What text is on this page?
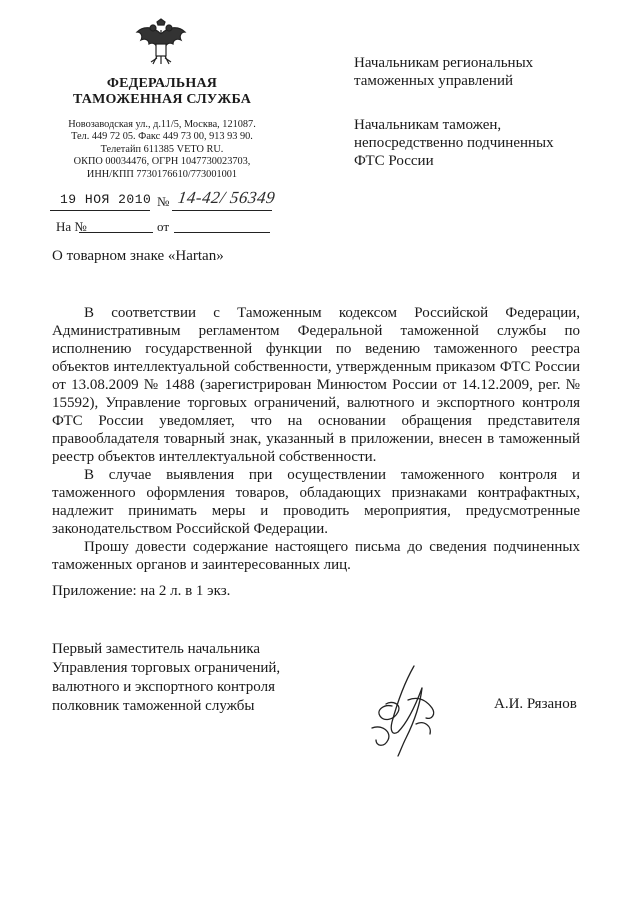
ФЕДЕРАЛЬНАЯ
ТАМОЖЕННАЯ СЛУЖБА
Новозаводская ул., д.11/5, Москва, 121087.
Тел. 449 72 05. Факс 449 73 00, 913 93 90.
Телетайп 611385 VETO RU.
ОКПО 00034476, ОГРН 1047730023703,
ИНН/КПП 7730176610/773001001
19 НОЯ 2010 № 14-42/ 56349
На №	от
О товарном знаке «Hartan»
Начальникам региональных
таможенных управлений
Начальникам таможен,
непосредственно подчиненных
ФТС России

В соответствии с Таможенным кодексом Российской Федерации, Административным регламентом Федеральной таможенной службы по исполнению государственной функции по ведению таможенного реестра объектов интеллектуальной собственности, утвержденным приказом ФТС России от 13.08.2009 № 1488 (зарегистрирован Минюстом России от 14.12.2009, рег. № 15592), Управление торговых ограничений, валютного и экспортного контроля ФТС России уведомляет, что на основании обращения представителя правообладателя товарный знак, указанный в приложении, внесен в таможенный реестр объектов интеллектуальной собственности.

В случае выявления при осуществлении таможенного контроля и таможенного оформления товаров, обладающих признаками контрафактных, надлежит принимать меры и проводить мероприятия, предусмотренные законодательством Российской Федерации.

Прошу довести содержание настоящего письма до сведения подчиненных таможенных органов и заинтересованных лиц.

Приложение: на 2 л. в 1 экз.
Первый заместитель начальника
Управления торговых ограничений,
валютного и экспортного контроля
полковник таможенной службы	А.И. Рязанов
